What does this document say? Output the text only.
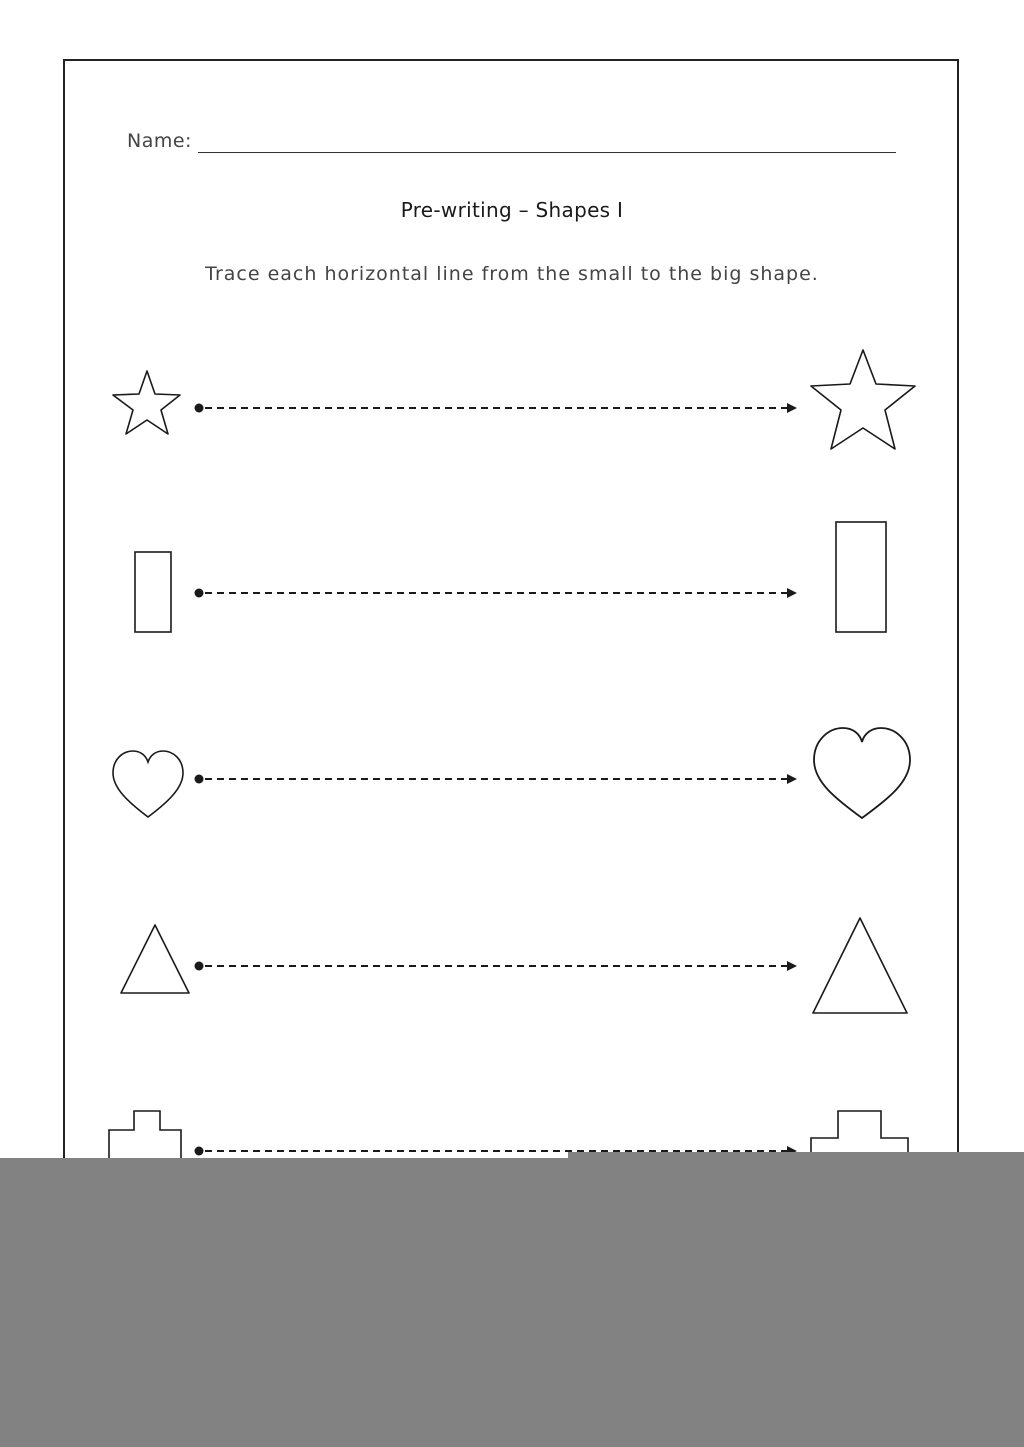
Name:
Pre-writing – Shapes I
Trace each horizontal line from the small to the big shape.
